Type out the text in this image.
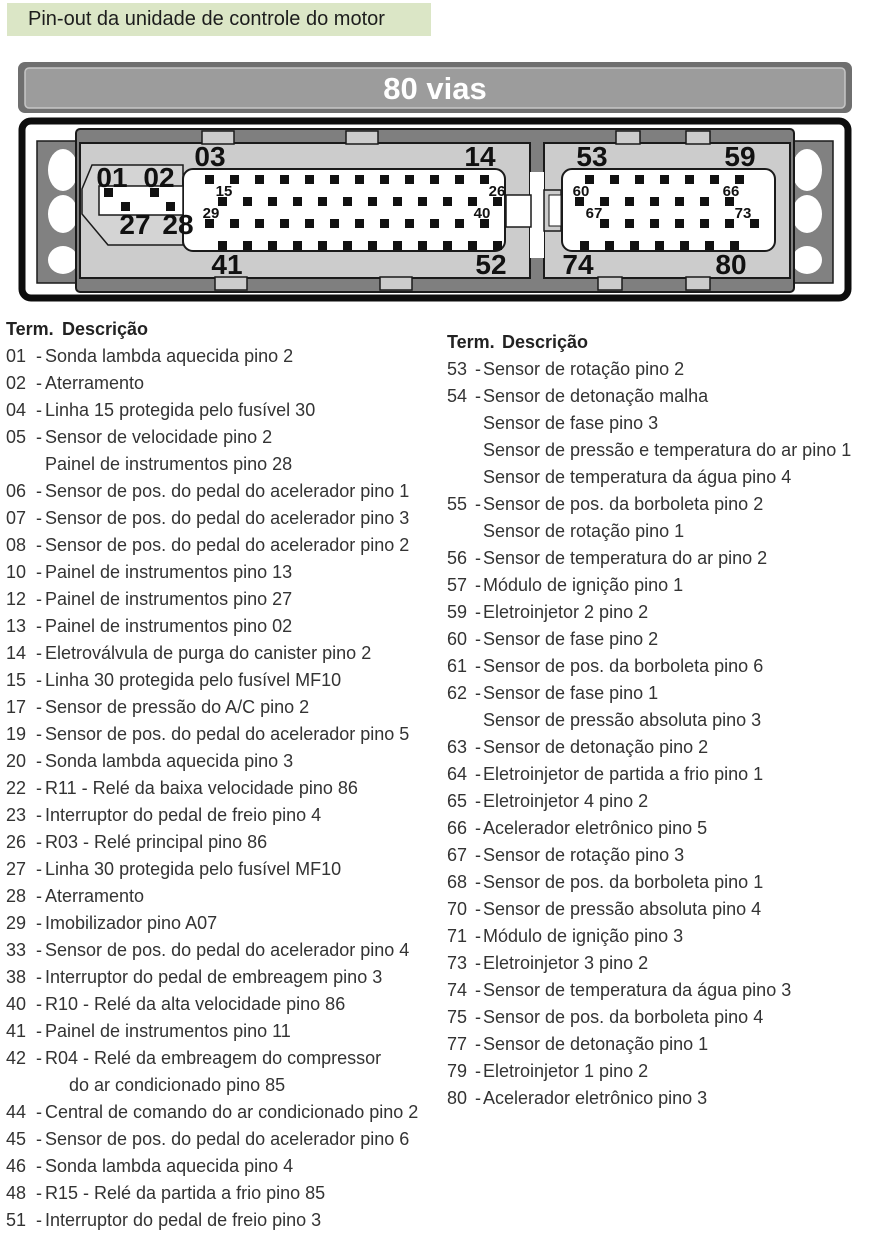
Pin-out da unidade de controle do motor
80 vias
03	14
41	52
15	26
29	40
01 02
27 28
53	59
74	80
60	66
67	73
Term. Descrição
01 - Sonda lambda aquecida pino 2
02 - Aterramento
04 - Linha 15 protegida pelo fusível 30
05 - Sensor de velocidade pino 2
Painel de instrumentos pino 28
06 - Sensor de pos. do pedal do acelerador pino 1
07 - Sensor de pos. do pedal do acelerador pino 3
08 - Sensor de pos. do pedal do acelerador pino 2
10 - Painel de instrumentos pino 13
12 - Painel de instrumentos pino 27
13 - Painel de instrumentos pino 02
14 - Eletroválvula de purga do canister pino 2
15 - Linha 30 protegida pelo fusível MF10
17 - Sensor de pressão do A/C pino 2
19 - Sensor de pos. do pedal do acelerador pino 5
20 - Sonda lambda aquecida pino 3
22 - R11 - Relé da baixa velocidade pino 86
23 - Interruptor do pedal de freio pino 4
26 - R03 - Relé principal pino 86
27 - Linha 30 protegida pelo fusível MF10
28 - Aterramento
29 - Imobilizador pino A07
33 - Sensor de pos. do pedal do acelerador pino 4
38 - Interruptor do pedal de embreagem pino 3
40 - R10 - Relé da alta velocidade pino 86
41 - Painel de instrumentos pino 11
42 - R04 - Relé da embreagem do compressor
do ar condicionado pino 85
44 - Central de comando do ar condicionado pino 2
45 - Sensor de pos. do pedal do acelerador pino 6
46 - Sonda lambda aquecida pino 4
48 - R15 - Relé da partida a frio pino 85
51 - Interruptor do pedal de freio pino 3
Term. Descrição
53 - Sensor de rotação pino 2
54 - Sensor de detonação malha
Sensor de fase pino 3
Sensor de pressão e temperatura do ar pino 1
Sensor de temperatura da água pino 4
55 - Sensor de pos. da borboleta pino 2
Sensor de rotação pino 1
56 - Sensor de temperatura do ar pino 2
57 - Módulo de ignição pino 1
59 - Eletroinjetor 2 pino 2
60 - Sensor de fase pino 2
61 - Sensor de pos. da borboleta pino 6
62 - Sensor de fase pino 1
Sensor de pressão absoluta pino 3
63 - Sensor de detonação pino 2
64 - Eletroinjetor de partida a frio pino 1
65 - Eletroinjetor 4 pino 2
66 - Acelerador eletrônico pino 5
67 - Sensor de rotação pino 3
68 - Sensor de pos. da borboleta pino 1
70 - Sensor de pressão absoluta pino 4
71 - Módulo de ignição pino 3
73 - Eletroinjetor 3 pino 2
74 - Sensor de temperatura da água pino 3
75 - Sensor de pos. da borboleta pino 4
77 - Sensor de detonação pino 1
79 - Eletroinjetor 1 pino 2
80 - Acelerador eletrônico pino 3
